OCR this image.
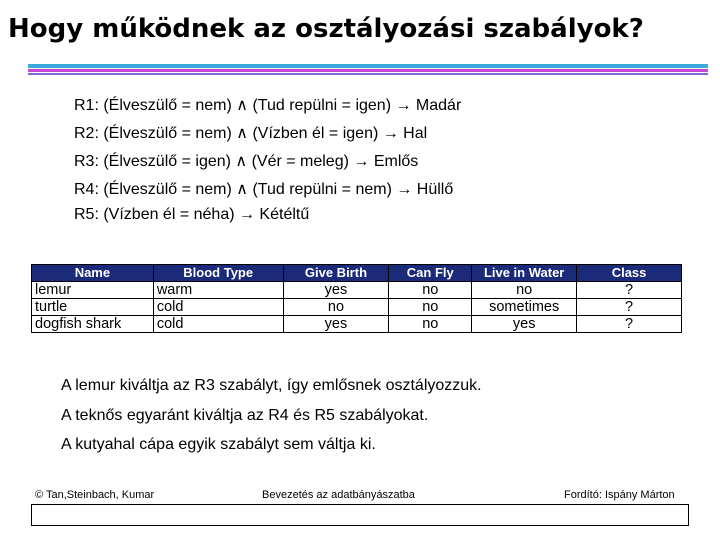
Hogy működnek az osztályozási szabályok?
R1: (Élveszülő = nem) ∧ (Tud repülni = igen) → Madár
R2: (Élveszülő = nem) ∧ (Vízben él = igen) → Hal
R3: (Élveszülő = igen) ∧ (Vér = meleg) → Emlős
R4: (Élveszülő = nem) ∧ (Tud repülni = nem) → Hüllő
R5: (Vízben él = néha) → Kétéltű
Name	Blood Type	Give Birth	Can Fly	Live in Water	Class
lemur	warm	yes	no	no	?
turtle	cold	no	no	sometimes	?
dogfish shark	cold	yes	no	yes	?
A lemur kiváltja az R3 szabályt, így emlősnek osztályozzuk.
A teknős egyaránt kiváltja az R4 és R5 szabályokat.
A kutyahal cápa egyik szabályt sem váltja ki.
© Tan,Steinbach, Kumar	Bevezetés az adatbányászatba	Fordító: Ispány Márton
